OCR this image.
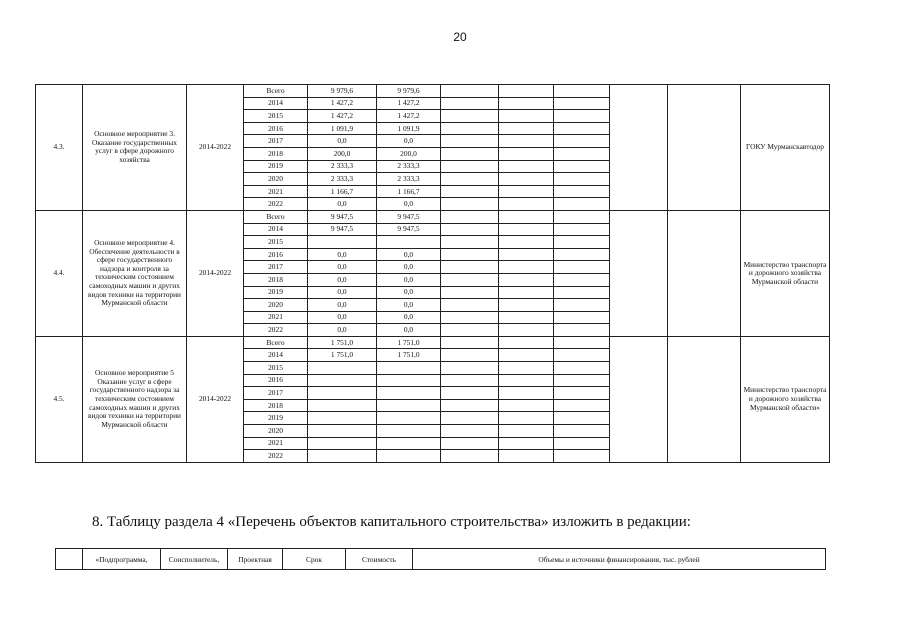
20
4.3.	Основное мероприятие 3. Оказание государственных услуг в сфере дорожного хозяйства	2014-2022	Всего	9 979,6	9 979,6						ГОКУ Мурманскавтодор
			2014	1 427,2	1 427,2						
			2015	1 427,2	1 427,2						
			2016	1 091,9	1 091,9						
			2017	0,0	0,0						
			2018	200,0	200,0						
			2019	2 333,3	2 333,3						
			2020	2 333,3	2 333,3						
			2021	1 166,7	1 166,7						
			2022	0,0	0,0						
4.4.	Основное мероприятие 4. Обеспечение деятельности в сфере государственного надзора и контроля за техническим состоянием самоходных машин и других видов техники на территории Мурманской области	2014-2022	Всего	9 947,5	9 947,5						Министерство транспорта и дорожного хозяйства Мурманской области
			2014	9 947,5	9 947,5						
			2015								
			2016	0,0	0,0						
			2017	0,0	0,0						
			2018	0,0	0,0						
			2019	0,0	0,0						
			2020	0,0	0,0						
			2021	0,0	0,0						
			2022	0,0	0,0						
4.5.	Основное мероприятие 5 Оказание услуг в сфере государственного надзора за техническим состоянием самоходных машин и других видов техники на территории Мурманской области	2014-2022	Всего	1 751,0	1 751,0						Министерство транспорта и дорожного хозяйства Мурманской области»
			2014	1 751,0	1 751,0						
			2015								
			2016								
			2017								
			2018								
			2019								
			2020								
			2021								
			2022								
8. Таблицу раздела 4 «Перечень объектов капитального строительства» изложить в редакции:
	«Подпрограмма,	Соисполнитель,	Проектная	Срок	Стоимость	Объемы и источники финансирования, тыс. рублей
